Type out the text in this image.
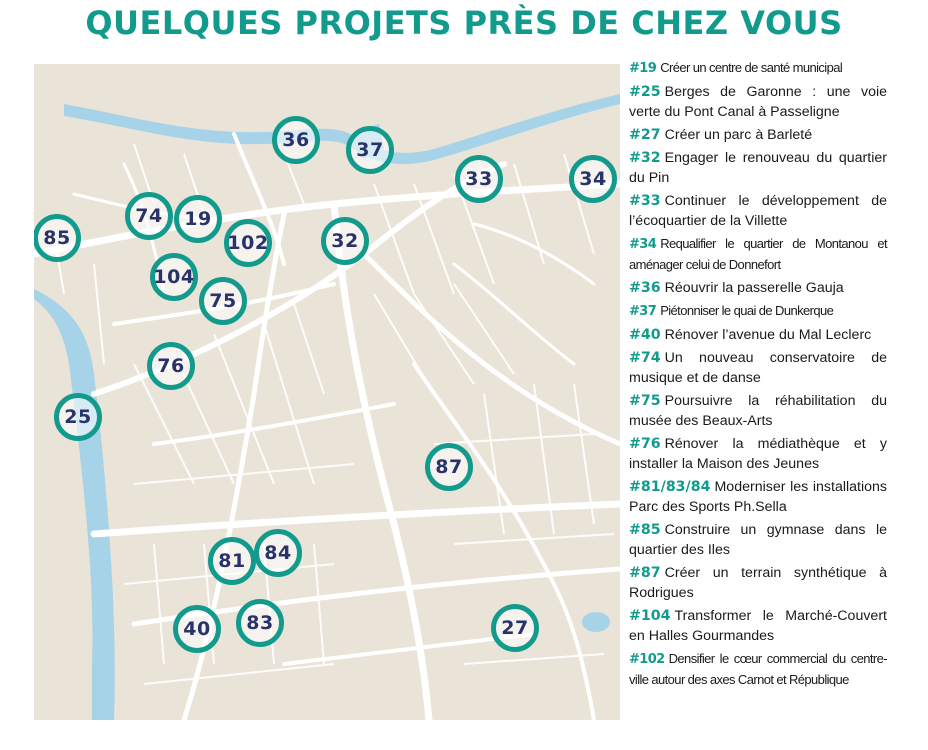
QUELQUES PROJETS PRÈS DE CHEZ VOUS
36 37
33	34
74 19
85	102	32
104
75
76
25
87
84
81
40 83	27
#19 Créer un centre de santé municipal
#25 Berges de Garonne : une voie verte du Pont Canal à Passeligne
#27 Créer un parc à Barleté
#32 Engager le renouveau du quartier du Pin
#33 Continuer le développement de l’écoquartier de la Villette
#34 Requalifier le quartier de Montanou et aménager celui de Donnefort
#36 Réouvrir la passerelle Gauja
#37 Piétonniser le quai de Dunkerque
#40 Rénover l’avenue du Mal Leclerc
#74 Un nouveau conservatoire de musique et de danse
#75 Poursuivre la réhabilitation du musée des Beaux-Arts
#76 Rénover la médiathèque et y installer la Maison des Jeunes
#81/83/84 Moderniser les installations Parc des Sports Ph.Sella
#85 Construire un gymnase dans le quartier des Iles
#87 Créer un terrain synthétique à Rodrigues
#104 Transformer le Marché-Couvert en Halles Gourmandes
#102 Densifier le cœur commercial du centre-ville autour des axes Carnot et République
